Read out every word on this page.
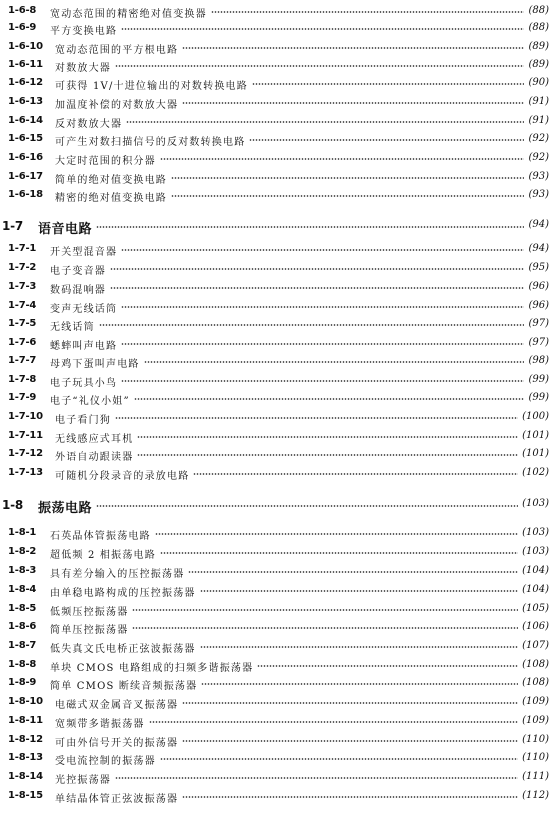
1-6-8 宽动态范围的精密绝对值变换器	(88)
1-6-9 平方变换电路	(88)
1-6-10 宽动态范围的平方根电路	(89)
1-6-11 对数放大器	(89)
1-6-12 可获得 1V/十进位输出的对数转换电路	(90)
1-6-13 加温度补偿的对数放大器	(91)
1-6-14 反对数放大器	(91)
1-6-15 可产生对数扫描信号的反对数转换电路	(92)
1-6-16 大定时范围的积分器	(92)
1-6-17 简单的绝对值变换电路	(93)
1-6-18 精密的绝对值变换电路	(93)
1-7 语音电路	(94)
1-7-1 开关型混音器	(94)
1-7-2 电子变音器	(95)
1-7-3 数码混响器	(96)
1-7-4 变声无线话筒	(96)
1-7-5 无线话筒	(97)
1-7-6 蟋蟀叫声电路	(97)
1-7-7 母鸡下蛋叫声电路	(98)
1-7-8 电子玩具小鸟	(99)
1-7-9 电子“礼仪小姐”	(99)
1-7-10 电子看门狗	(100)
1-7-11 无线感应式耳机	(101)
1-7-12 外语自动跟读器	(101)
1-7-13 可随机分段录音的录放电路	(102)
1-8 振荡电路	(103)
1-8-1 石英晶体管振荡电路	(103)
1-8-2 超低频 2 相振荡电路	(103)
1-8-3 具有差分输入的压控振荡器	(104)
1-8-4 由单稳电路构成的压控振荡器	(104)
1-8-5 低频压控振荡器	(105)
1-8-6 简单压控振荡器	(106)
1-8-7 低失真文氏电桥正弦波振荡器	(107)
1-8-8 单块 CMOS 电路组成的扫频多谐振荡器	(108)
1-8-9 简单 CMOS 断续音频振荡器	(108)
1-8-10 电磁式双金属音叉振荡器	(109)
1-8-11 宽频带多谐振荡器	(109)
1-8-12 可由外信号开关的振荡器	(110)
1-8-13 受电流控制的振荡器	(110)
1-8-14 光控振荡器	(111)
1-8-15 单结晶体管正弦波振荡器	(112)
